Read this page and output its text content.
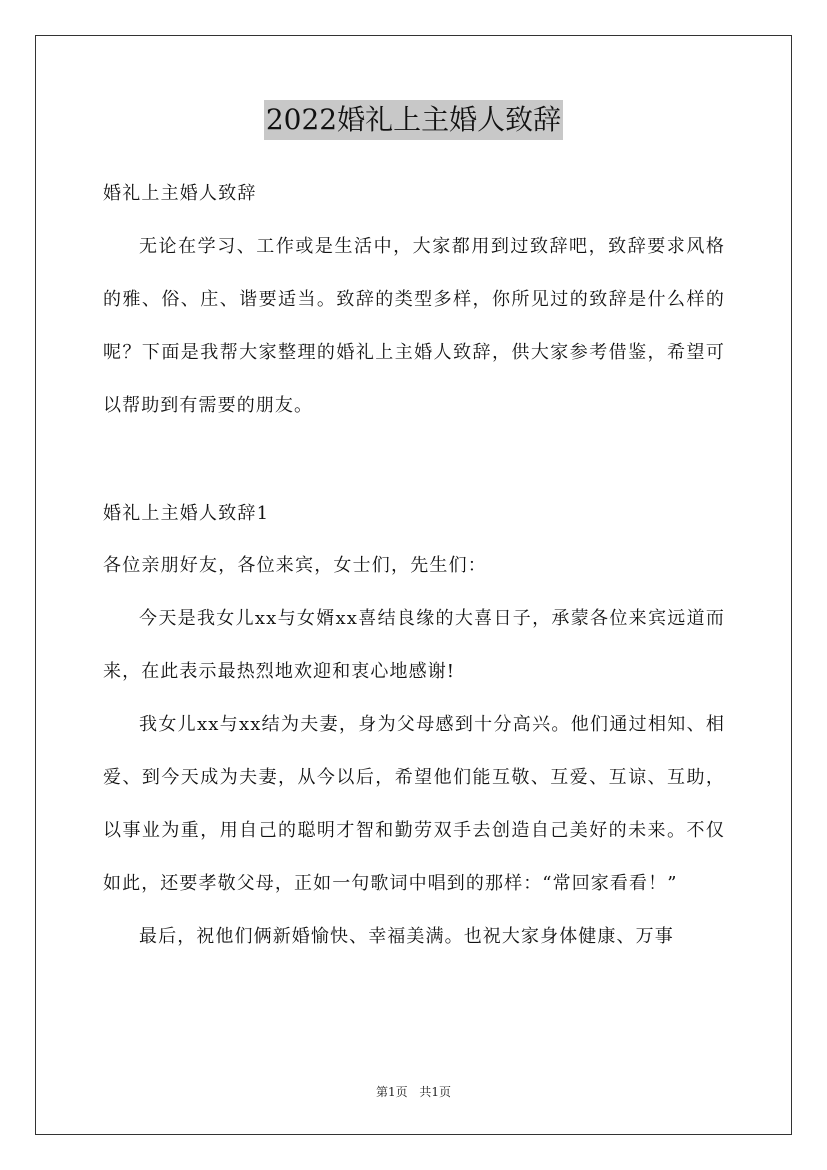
2022婚礼上主婚人致辞
婚礼上主婚人致辞

无论在学习、工作或是生活中，大家都用到过致辞吧，致辞要求风格的雅、俗、庄、谐要适当。致辞的类型多样，你所见过的致辞是什么样的呢？下面是我帮大家整理的婚礼上主婚人致辞，供大家参考借鉴，希望可以帮助到有需要的朋友。

婚礼上主婚人致辞1
各位亲朋好友，各位来宾，女士们，先生们：

今天是我女儿xx与女婿xx喜结良缘的大喜日子，承蒙各位来宾远道而来，在此表示最热烈地欢迎和衷心地感谢!

我女儿xx与xx结为夫妻，身为父母感到十分高兴。他们通过相知、相爱、到今天成为夫妻，从今以后，希望他们能互敬、互爱、互谅、互助，以事业为重，用自己的聪明才智和勤劳双手去创造自己美好的未来。不仅如此，还要孝敬父母，正如一句歌词中唱到的那样：“常回家看看！”

最后，祝他们俩新婚愉快、幸福美满。也祝大家身体健康、万事

第1页 共1页
